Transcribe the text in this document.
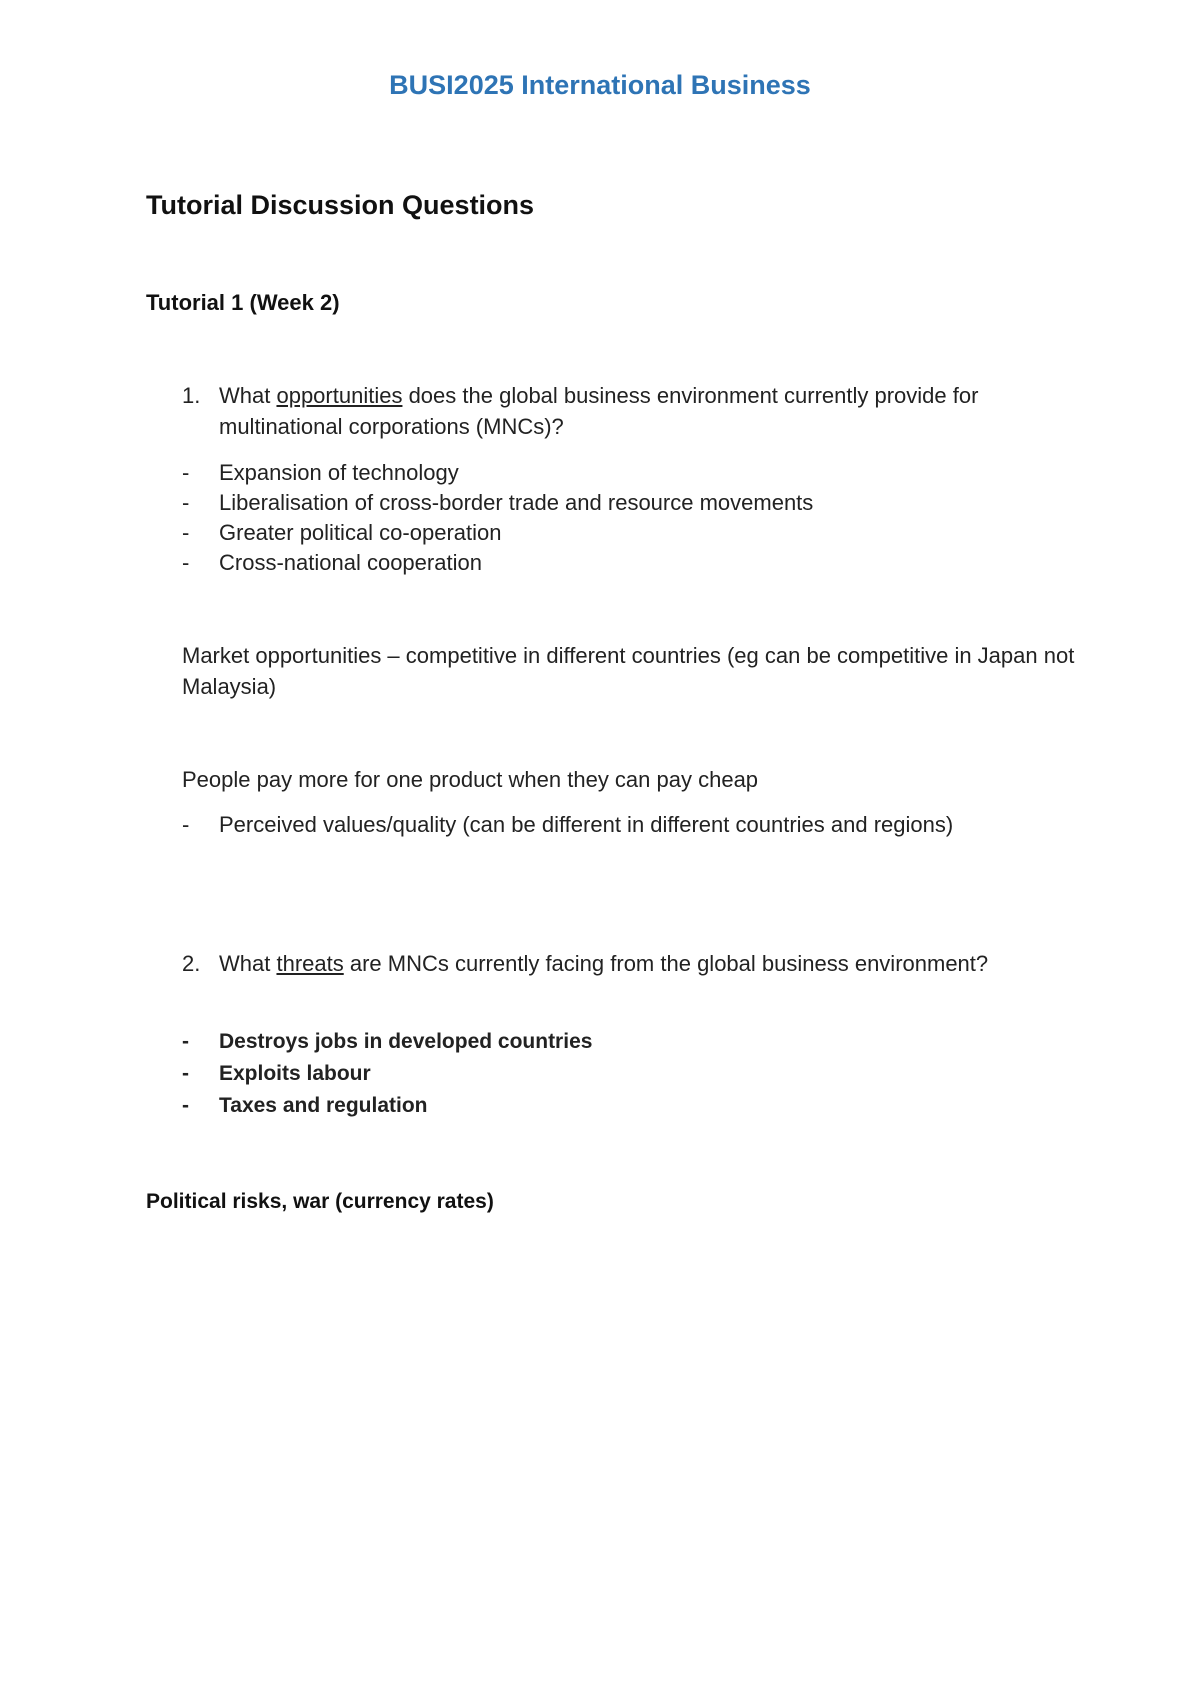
BUSI2025 International Business
Tutorial Discussion Questions
Tutorial 1 (Week 2)
1. What opportunities does the global business environment currently provide for multinational corporations (MNCs)?
- Expansion of technology
- Liberalisation of cross-border trade and resource movements
- Greater political co-operation
- Cross-national cooperation
Market opportunities – competitive in different countries (eg can be competitive in Japan not Malaysia)
People pay more for one product when they can pay cheap
- Perceived values/quality (can be different in different countries and regions)
2. What threats are MNCs currently facing from the global business environment?
- Destroys jobs in developed countries
- Exploits labour
- Taxes and regulation
Political risks, war (currency rates)
